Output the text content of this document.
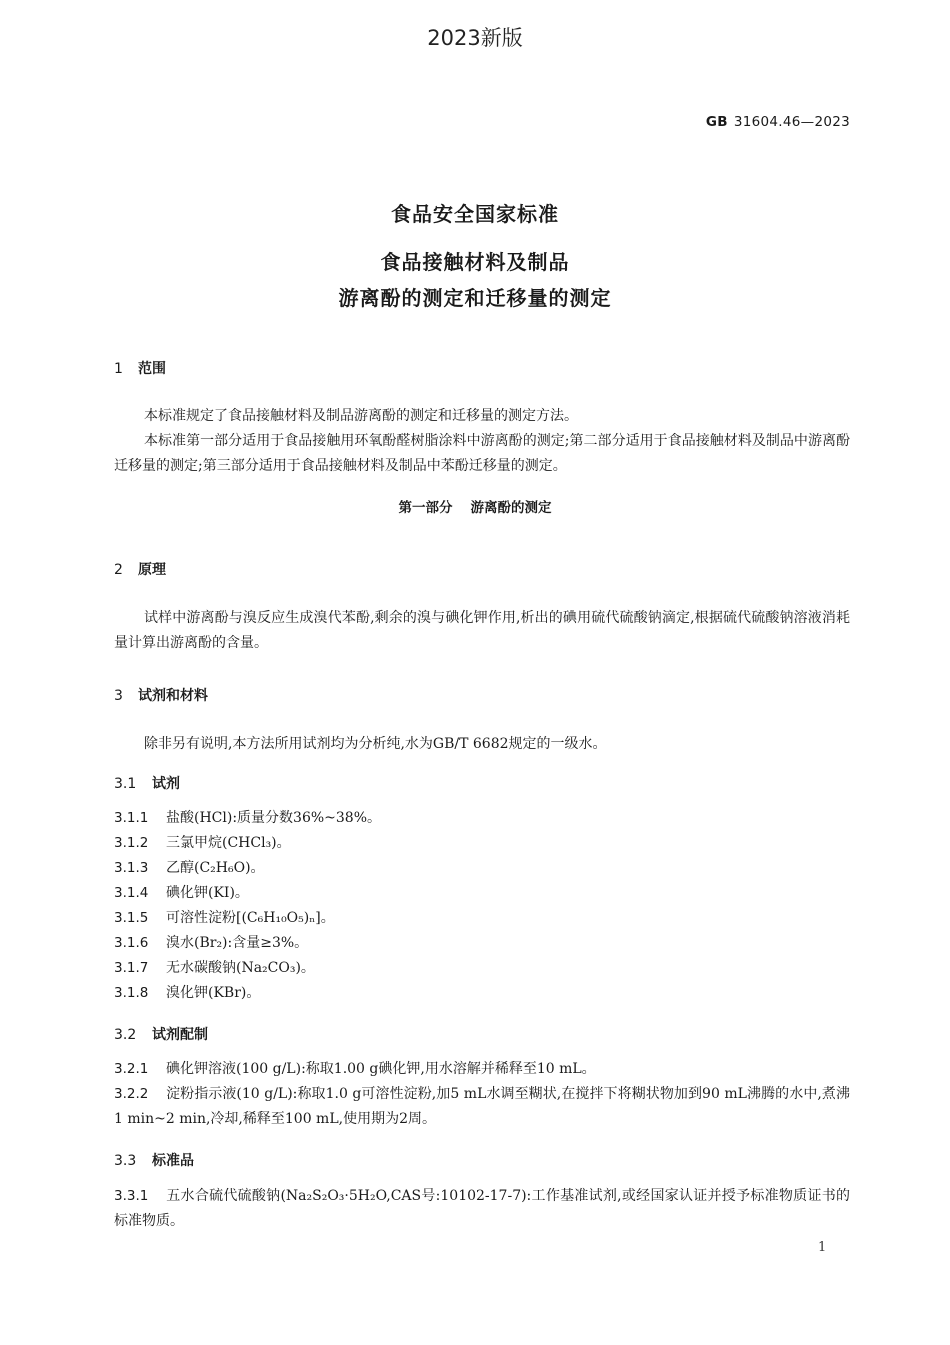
2023新版
GB 31604.46—2023
食品安全国家标准
食品接触材料及制品
游离酚的测定和迁移量的测定
1 范围
本标准规定了食品接触材料及制品游离酚的测定和迁移量的测定方法。
本标准第一部分适用于食品接触用环氧酚醛树脂涂料中游离酚的测定;第二部分适用于食品接触材料及制品中游离酚迁移量的测定;第三部分适用于食品接触材料及制品中苯酚迁移量的测定。
第一部分 游离酚的测定
2 原理
试样中游离酚与溴反应生成溴代苯酚,剩余的溴与碘化钾作用,析出的碘用硫代硫酸钠滴定,根据硫代硫酸钠溶液消耗量计算出游离酚的含量。
3 试剂和材料
除非另有说明,本方法所用试剂均为分析纯,水为GB/T 6682规定的一级水。
3.1 试剂
3.1.1 盐酸(HCl):质量分数36%~38%。
3.1.2 三氯甲烷(CHCl₃)。
3.1.3 乙醇(C₂H₆O)。
3.1.4 碘化钾(KI)。
3.1.5 可溶性淀粉[(C₆H₁₀O₅)ₙ]。
3.1.6 溴水(Br₂):含量≥3%。
3.1.7 无水碳酸钠(Na₂CO₃)。
3.1.8 溴化钾(KBr)。
3.2 试剂配制
3.2.1 碘化钾溶液(100 g/L):称取1.00 g碘化钾,用水溶解并稀释至10 mL。
3.2.2 淀粉指示液(10 g/L):称取1.0 g可溶性淀粉,加5 mL水调至糊状,在搅拌下将糊状物加到90 mL沸腾的水中,煮沸1 min~2 min,冷却,稀释至100 mL,使用期为2周。
3.3 标准品
3.3.1 五水合硫代硫酸钠(Na₂S₂O₃·5H₂O,CAS号:10102-17-7):工作基准试剂,或经国家认证并授予标准物质证书的标准物质。
1
